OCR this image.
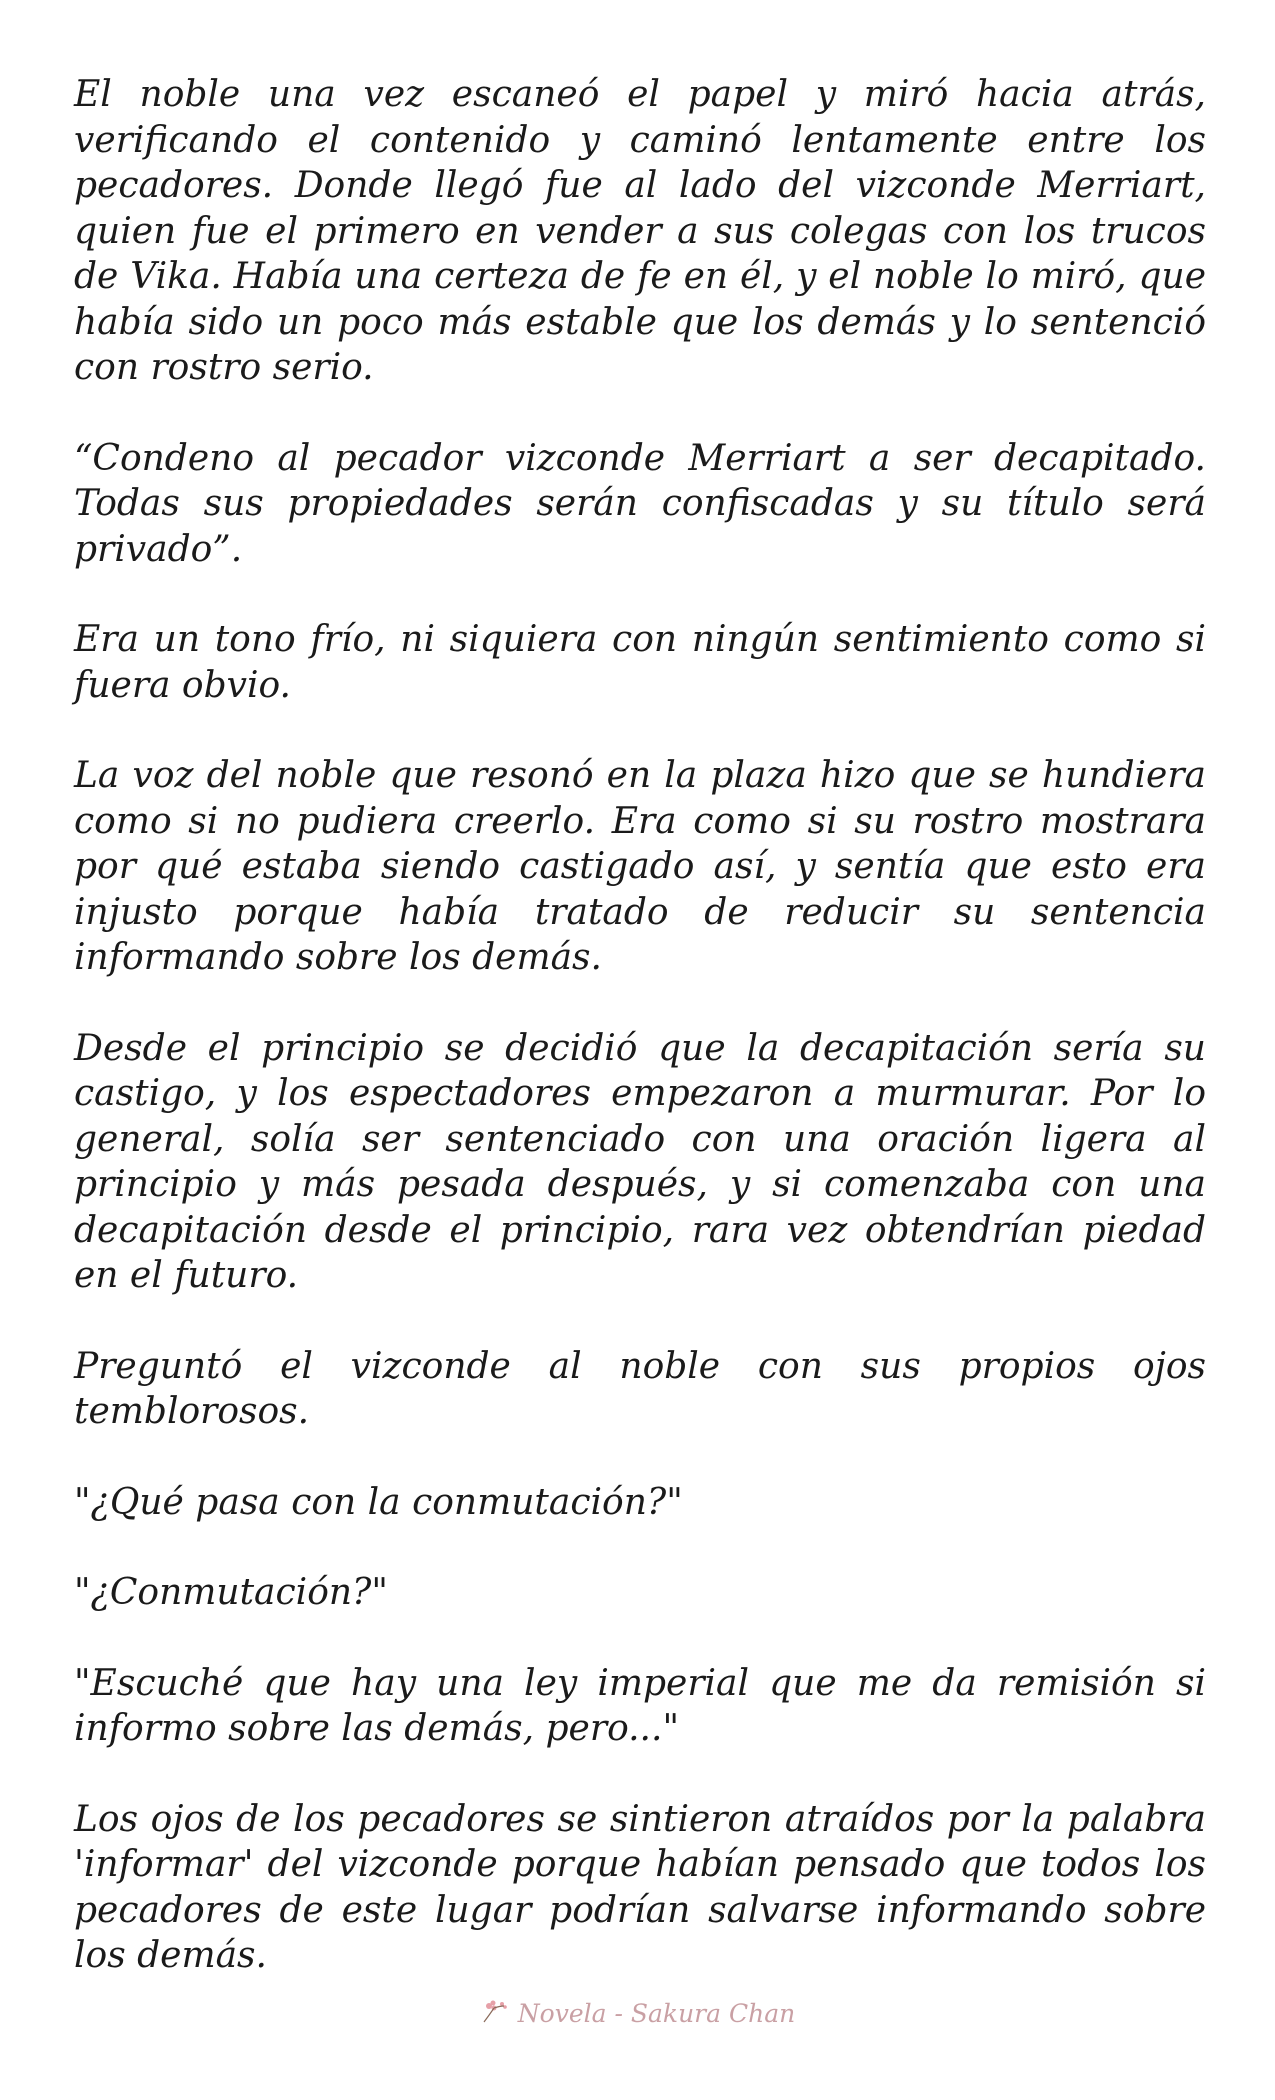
El noble una vez escaneó el papel y miró hacia atrás, verificando el contenido y caminó lentamente entre los pecadores. Donde llegó fue al lado del vizconde Merriart, quien fue el primero en vender a sus colegas con los trucos de Vika. Había una certeza de fe en él, y el noble lo miró, que había sido un poco más estable que los demás y lo sentenció con rostro serio.

“Condeno al pecador vizconde Merriart a ser decapitado. Todas sus propiedades serán confiscadas y su título será privado”.

Era un tono frío, ni siquiera con ningún sentimiento como si fuera obvio.

La voz del noble que resonó en la plaza hizo que se hundiera como si no pudiera creerlo. Era como si su rostro mostrara por qué estaba siendo castigado así, y sentía que esto era injusto porque había tratado de reducir su sentencia informando sobre los demás.

Desde el principio se decidió que la decapitación sería su castigo, y los espectadores empezaron a murmurar. Por lo general, solía ser sentenciado con una oración ligera al principio y más pesada después, y si comenzaba con una decapitación desde el principio, rara vez obtendrían piedad en el futuro.

Preguntó el vizconde al noble con sus propios ojos temblorosos.

"¿Qué pasa con la conmutación?"

"¿Conmutación?"

"Escuché que hay una ley imperial que me da remisión si informo sobre las demás, pero..."

Los ojos de los pecadores se sintieron atraídos por la palabra 'informar' del vizconde porque habían pensado que todos los pecadores de este lugar podrían salvarse informando sobre los demás.

Novela - Sakura Chan
